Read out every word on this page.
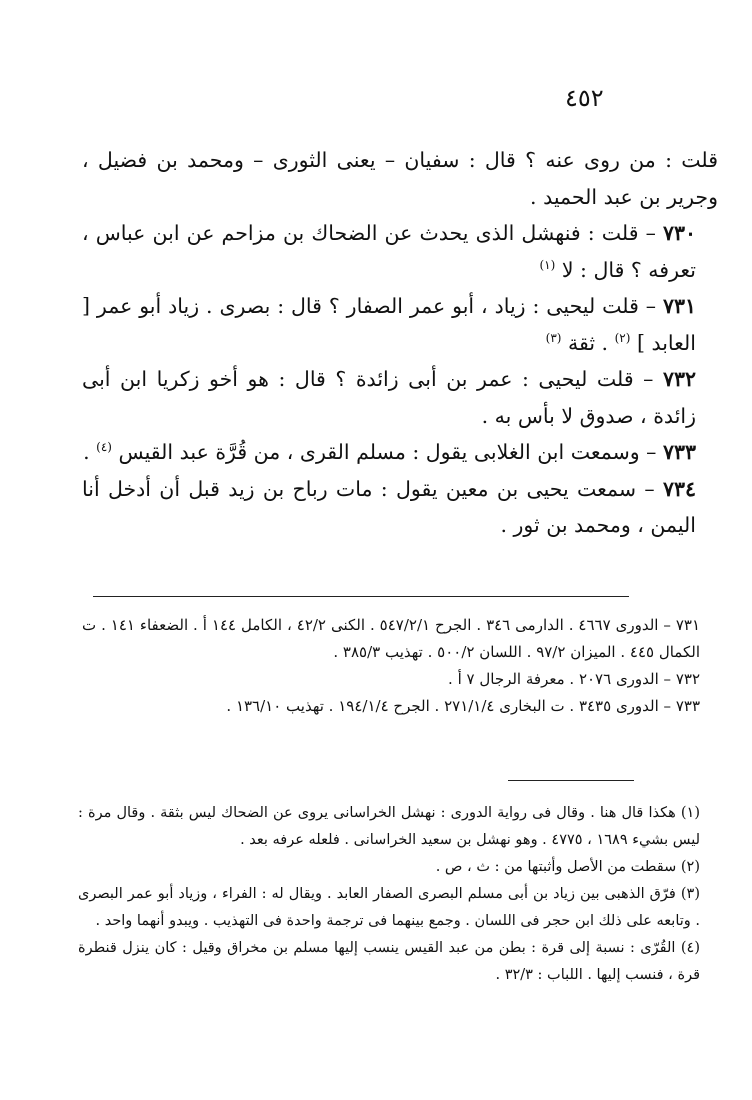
٤٥٢

قلت : من روى عنه ؟ قال : سفيان – يعنى الثورى – ومحمد بن فضيل ، وجرير بن عبد الحميد .

٧٣٠ – قلت : فنهشل الذى يحدث عن الضحاك بن مزاحم عن ابن عباس ، تعرفه ؟ قال : لا $^{(١)}$

٧٣١ – قلت ليحيى : زياد ، أبو عمر الصفار ؟ قال : بصرى . زياد أبو عمر [ العابد ] $^{(٢)}$ . ثقة $^{(٣)}$

٧٣٢ – قلت ليحيى : عمر بن أبى زائدة ؟ قال : هو أخو زكريا ابن أبى زائدة ، صدوق لا بأس به .

٧٣٣ – وسمعت ابن الغلابى يقول : مسلم القرى ، من قُرَّة عبد القيس $^{(٤)}$ .

٧٣٤ – سمعت يحيى بن معين يقول : مات رباح بن زيد قبل أن أدخل أنا اليمن ، ومحمد بن ثور .

٧٣١ – الدورى ٤٦٦٧ . الدارمى ٣٤٦ . الجرح ٥٤٧/٢/١ . الكنى ٤٢/٢ ، الكامل ١٤٤ أ . الضعفاء ١٤١ . ت الكمال ٤٤٥ . الميزان ٩٧/٢ . اللسان ٥٠٠/٢ . تهذيب ٣٨٥/٣ .

٧٣٢ – الدورى ٢٠٧٦ . معرفة الرجال ٧ أ .

٧٣٣ – الدورى ٣٤٣٥ . ت البخارى ٢٧١/١/٤ . الجرح ١٩٤/١/٤ . تهذيب ١٣٦/١٠ .

(١) هكذا قال هنا . وقال فى رواية الدورى : نهشل الخراسانى يروى عن الضحاك ليس بثقة . وقال مرة : ليس بشيء ١٦٨٩ ، ٤٧٧٥ . وهو نهشل بن سعيد الخراسانى . فلعله عرفه بعد .

(٢) سقطت من الأصل وأثبتها من : ث ، ص .

(٣) فرّق الذهبى بين زياد بن أبى مسلم البصرى الصفار العابد . ويقال له : الفراء ، وزياد أبو عمر البصرى . وتابعه على ذلك ابن حجر فى اللسان . وجمع بينهما فى ترجمة واحدة فى التهذيب . ويبدو أنهما واحد .

(٤) القُرّى : نسبة إلى قرة : بطن من عبد القيس ينسب إليها مسلم بن مخراق وقيل : كان ينزل قنطرة قرة ، فنسب إليها . اللباب : ٣٢/٣ .
